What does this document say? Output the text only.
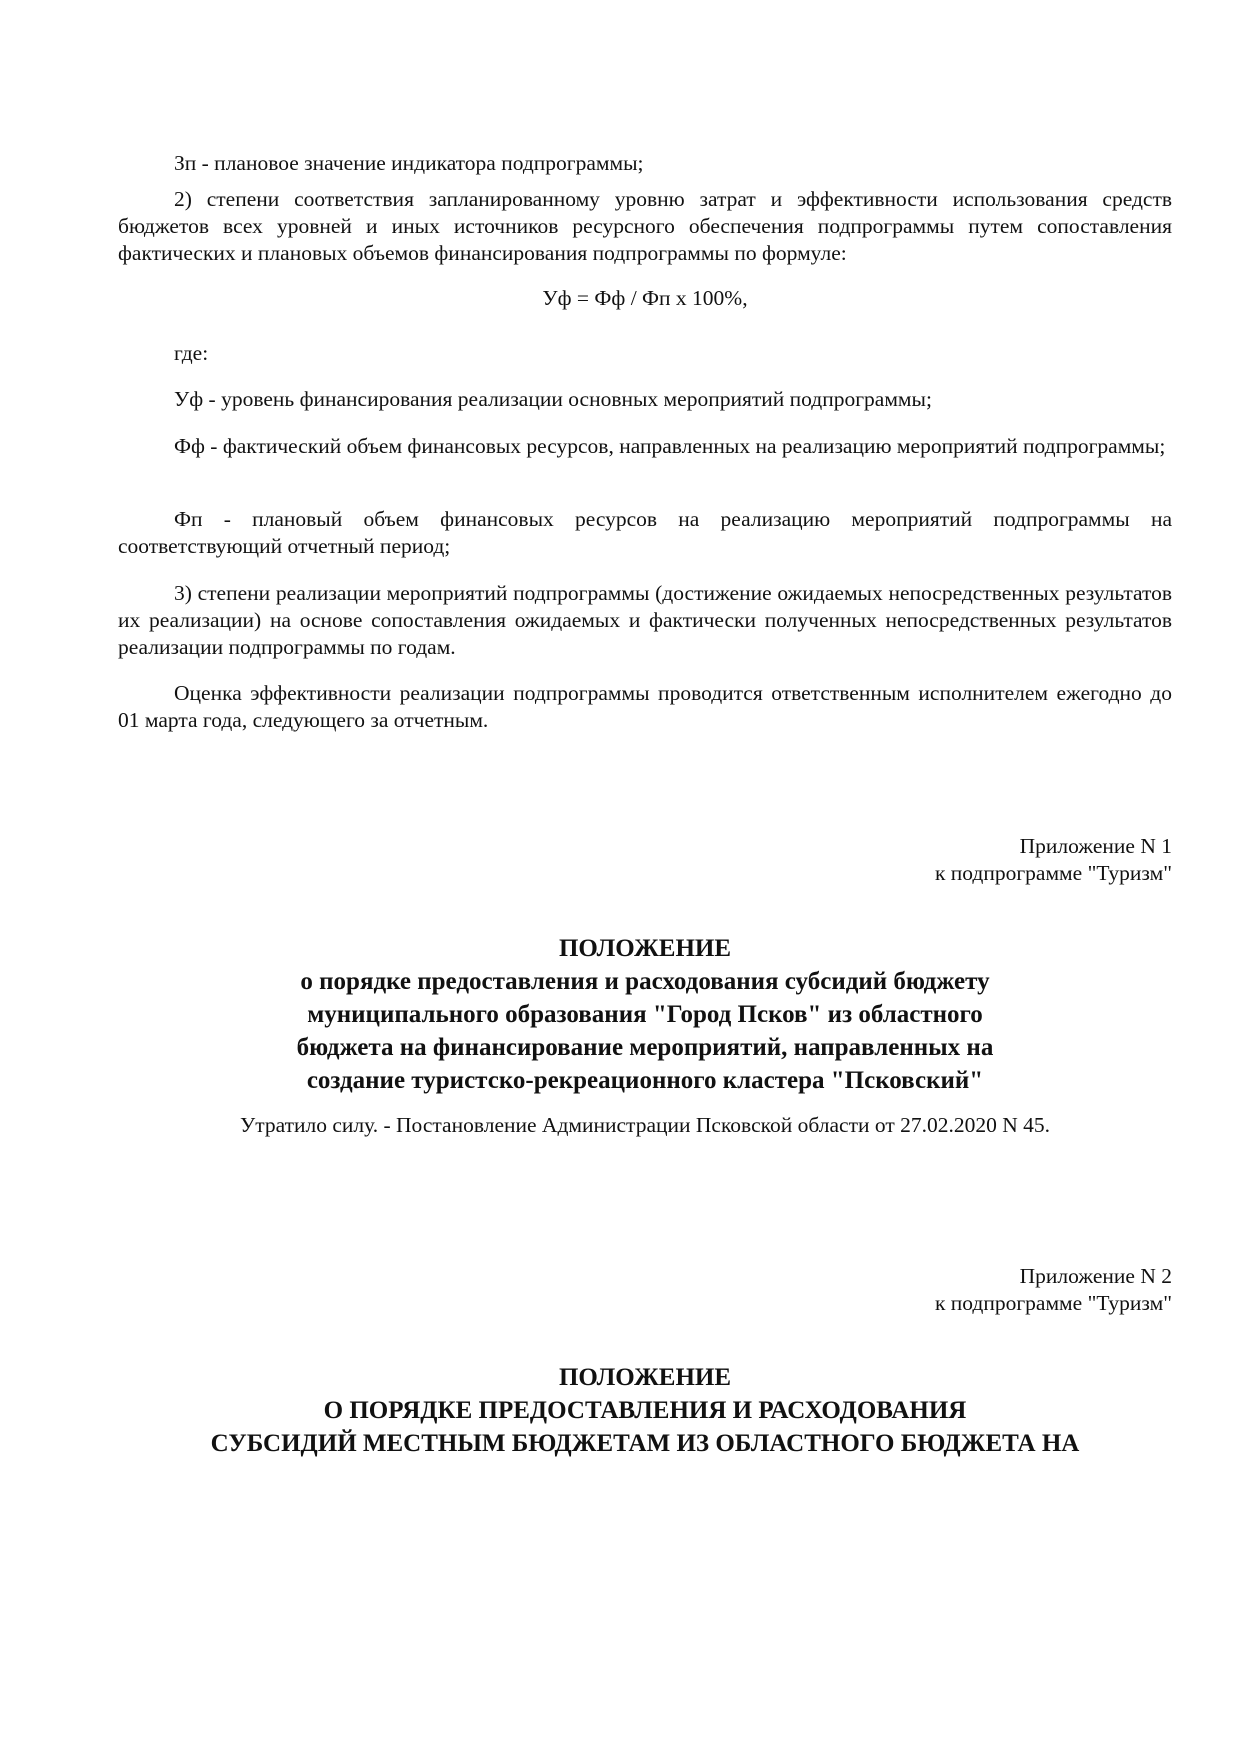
Зп - плановое значение индикатора подпрограммы;

2) степени соответствия запланированному уровню затрат и эффективности использования средств бюджетов всех уровней и иных источников ресурсного обеспечения подпрограммы путем сопоставления фактических и плановых объемов финансирования подпрограммы по формуле:

Уф = Фф / Фп х 100%,

где:

Уф - уровень финансирования реализации основных мероприятий подпрограммы;

Фф - фактический объем финансовых ресурсов, направленных на реализацию мероприятий подпрограммы;

Фп - плановый объем финансовых ресурсов на реализацию мероприятий подпрограммы на соответствующий отчетный период;

3) степени реализации мероприятий подпрограммы (достижение ожидаемых непосредственных результатов их реализации) на основе сопоставления ожидаемых и фактически полученных непосредственных результатов реализации подпрограммы по годам.

Оценка эффективности реализации подпрограммы проводится ответственным исполнителем ежегодно до 01 марта года, следующего за отчетным.

Приложение N 1
к подпрограмме "Туризм"
ПОЛОЖЕНИЕ
о порядке предоставления и расходования субсидий бюджету
муниципального образования "Город Псков" из областного
бюджета на финансирование мероприятий, направленных на
создание туристско-рекреационного кластера "Псковский"

Утратило силу. - Постановление Администрации Псковской области от 27.02.2020 N 45.

Приложение N 2
к подпрограмме "Туризм"
ПОЛОЖЕНИЕ
О ПОРЯДКЕ ПРЕДОСТАВЛЕНИЯ И РАСХОДОВАНИЯ
СУБСИДИЙ МЕСТНЫМ БЮДЖЕТАМ ИЗ ОБЛАСТНОГО БЮДЖЕТА НА
